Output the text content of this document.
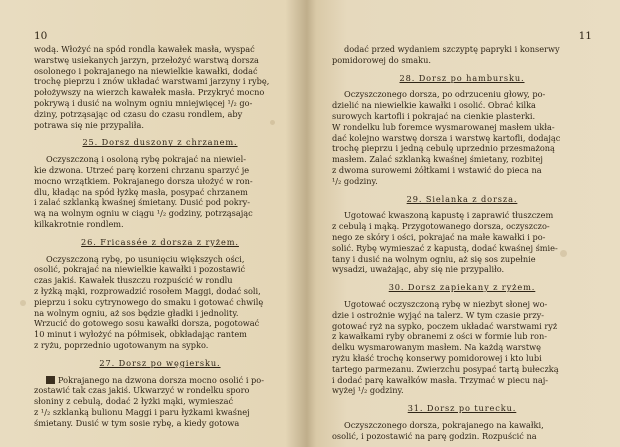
10
wodą. Włożyć na spód rondla kawałek masła, wyspać
warstwę usiekanych jarzyn, przełożyć warstwą dorsza
osolonego i pokrajanego na niewielkie kawałki, dodać
trochę pieprzu i znów układać warstwami jarzyny i rybę,
położywszy na wierzch kawałek masła. Przykryć mocno
pokrywą i dusić na wolnym ogniu mniejwięcej ¹/₂ go-
dziny, potrząsając od czasu do czasu rondlem, aby
potrawa się nie przypaliła.
25. Dorsz duszony z chrzanem.
Oczyszczoną i osoloną rybę pokrajać na niewiel-
kie dzwona. Utrzeć parę korzeni chrzanu sparzyć je
mocno wrzątkiem. Pokrajanego dorsza ułożyć w ron-
dlu, kładąc na spód łyżkę masła, posypać chrzanem
i zalać szklanką kwaśnej śmietany. Dusić pod pokry-
wą na wolnym ogniu w ciągu ¹/₂ godziny, potrząsając
kilkakrotnie rondlem.
26. Fricassée z dorsza z ryżem.
Oczyszczoną rybę, po usunięciu większych ości,
osolić, pokrajać na niewielkie kawałki i pozostawić
czas jakiś. Kawałek tłuszczu rozpuścić w rondlu
z łyżką mąki, rozprowadzić rosołem Maggi, dodać soli,
pieprzu i soku cytrynowego do smaku i gotować chwilę
na wolnym ogniu, aż sos będzie gładki i jednolity.
Wrzucić do gotowego sosu kawałki dorsza, pogotować
10 minut i wyłożyć na półmisek, obkładając rantem
z ryżu, poprzednio ugotowanym na sypko.
27. Dorsz po węgiersku.
Pokrajanego na dzwona dorsza mocno osolić i po-
zostawić tak czas jakiś. Ukwarzyć w rondelku sporo
słoniny z cebulą, dodać 2 łyżki mąki, wymieszać
z ¹/₂ szklanką bulionu Maggi i paru łyżkami kwaśnej
śmietany. Dusić w tym sosie rybę, a kiedy gotowa
11
dodać przed wydaniem szczyptę papryki i konserwy
pomidorowej do smaku.
28. Dorsz po hambursku.
Oczyszczonego dorsza, po odrzuceniu głowy, po-
dzielić na niewielkie kawałki i osolić. Obrać kilka
surowych kartofli i pokrajać na cienkie plasterki.
W rondelku lub foremce wysmarowanej masłem ukła-
dać kolejno warstwę dorsza i warstwę kartofli, dodając
trochę pieprzu i jedną cebulę uprzednio przesmażoną
masłem. Zalać szklanką kwaśnej śmietany, rozbitej
z dwoma surowemi żółtkami i wstawić do pieca na
¹/₂ godziny.
29. Sielanka z dorsza.
Ugotować kwaszoną kapustę i zaprawić tłuszczem
z cebulą i mąką. Przygotowanego dorsza, oczyszczo-
nego ze skóry i ości, pokrajać na małe kawałki i po-
solić. Rybę wymieszać z kapustą, dodać kwaśnej śmie-
tany i dusić na wolnym ogniu, aż się sos zupełnie
wysadzi, uważając, aby się nie przypaliło.
30. Dorsz zapiekany z ryżem.
Ugotować oczyszczoną rybę w niezbyt słonej wo-
dzie i ostrożnie wyjąć na talerz. W tym czasie przy-
gotować ryż na sypko, poczem układać warstwami ryż
z kawałkami ryby obranemi z ości w formie lub ron-
delku wysmarowanym masłem. Na każdą warstwę
ryżu kłaść trochę konserwy pomidorowej i kto lubi
tartego parmezanu. Zwierzchu posypać tartą bułeczką
i dodać parę kawałków masła. Trzymać w piecu naj-
wyżej ¹/₂ godziny.
31. Dorsz po turecku.
Oczyszczonego dorsza, pokrajanego na kawałki,
osolić, i pozostawić na parę godzin. Rozpuścić na
